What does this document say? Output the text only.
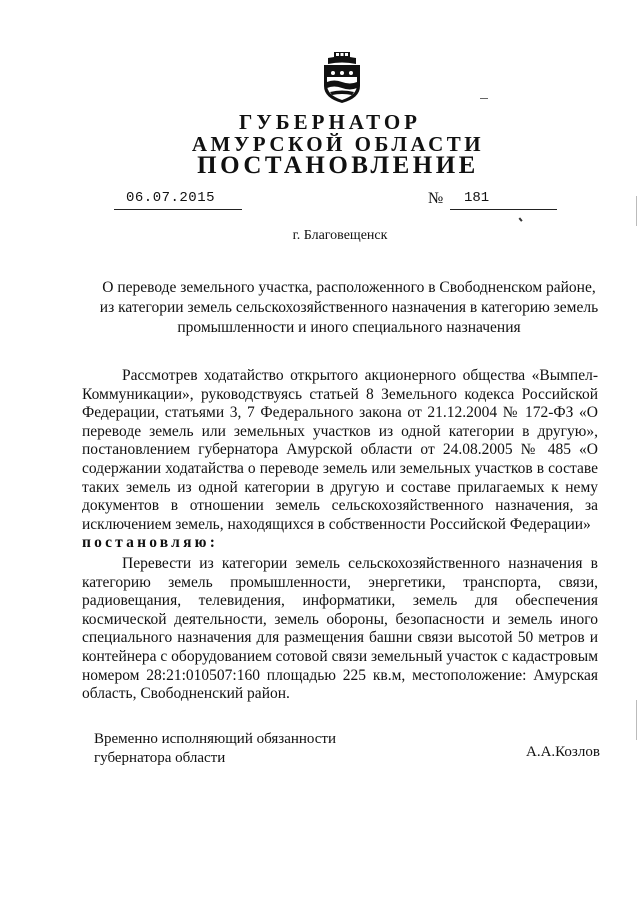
ГУБЕРНАТОР
АМУРСКОЙ ОБЛАСТИ
ПОСТАНОВЛЕНИЕ
06.07.2015	№	181
г. Благовещенск
О переводе земельного участка, расположенного в Свободненском районе,
из категории земель сельскохозяйственного назначения в категорию земель
промышленности и иного специального назначения

Рассмотрев ходатайство открытого акционерного общества «Вымпел-Коммуникации», руководствуясь статьей 8 Земельного кодекса Российской Федерации, статьями 3, 7 Федерального закона от 21.12.2004 № 172-ФЗ «О переводе земель или земельных участков из одной категории в другую», постановлением губернатора Амурской области от 24.08.2005 № 485 «О содержании ходатайства о переводе земель или земельных участков в составе таких земель из одной категории в другую и составе прилагаемых к нему документов в отношении земель сельскохозяйственного назначения, за исключением земель, находящихся в собственности Российской Федерации»

постановляю:

Перевести из категории земель сельскохозяйственного назначения в категорию земель промышленности, энергетики, транспорта, связи, радиовещания, телевидения, информатики, земель для обеспечения космической деятельности, земель обороны, безопасности и земель иного специального назначения для размещения башни связи высотой 50 метров и контейнера с оборудованием сотовой связи земельный участок с кадастровым номером 28:21:010507:160 площадью 225 кв.м, местоположение: Амурская область, Свободненский район.

Временно исполняющий обязанности
губернатора области	А.А.Козлов
